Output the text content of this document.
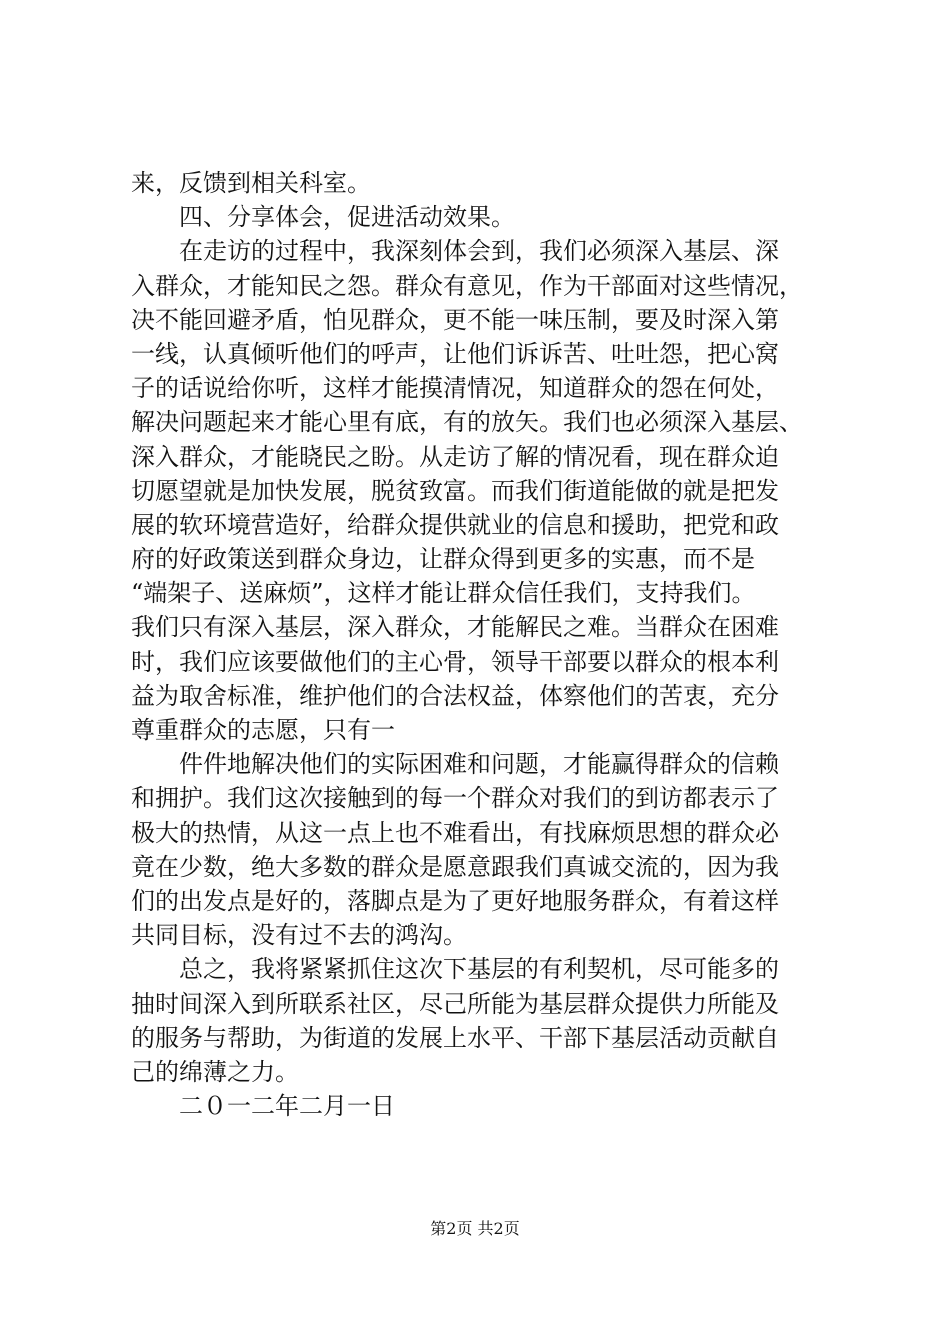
来，反馈到相关科室。
四、分享体会，促进活动效果。
在走访的过程中，我深刻体会到，我们必须深入基层、深
入群众，才能知民之怨。群众有意见，作为干部面对这些情况，
决不能回避矛盾，怕见群众，更不能一味压制，要及时深入第
一线，认真倾听他们的呼声，让他们诉诉苦、吐吐怨，把心窝
子的话说给你听，这样才能摸清情况，知道群众的怨在何处，
解决问题起来才能心里有底，有的放矢。我们也必须深入基层、
深入群众，才能晓民之盼。从走访了解的情况看，现在群众迫
切愿望就是加快发展，脱贫致富。而我们街道能做的就是把发
展的软环境营造好，给群众提供就业的信息和援助，把党和政
府的好政策送到群众身边，让群众得到更多的实惠，而不是
“端架子、送麻烦”，这样才能让群众信任我们，支持我们。
我们只有深入基层，深入群众，才能解民之难。当群众在困难
时，我们应该要做他们的主心骨，领导干部要以群众的根本利
益为取舍标准，维护他们的合法权益，体察他们的苦衷，充分
尊重群众的志愿，只有一
件件地解决他们的实际困难和问题，才能赢得群众的信赖
和拥护。我们这次接触到的每一个群众对我们的到访都表示了
极大的热情，从这一点上也不难看出，有找麻烦思想的群众必
竟在少数，绝大多数的群众是愿意跟我们真诚交流的，因为我
们的出发点是好的，落脚点是为了更好地服务群众，有着这样
共同目标，没有过不去的鸿沟。
总之，我将紧紧抓住这次下基层的有利契机，尽可能多的
抽时间深入到所联系社区，尽己所能为基层群众提供力所能及
的服务与帮助，为街道的发展上水平、干部下基层活动贡献自
己的绵薄之力。
二０一二年二月一日
第2页 共2页
